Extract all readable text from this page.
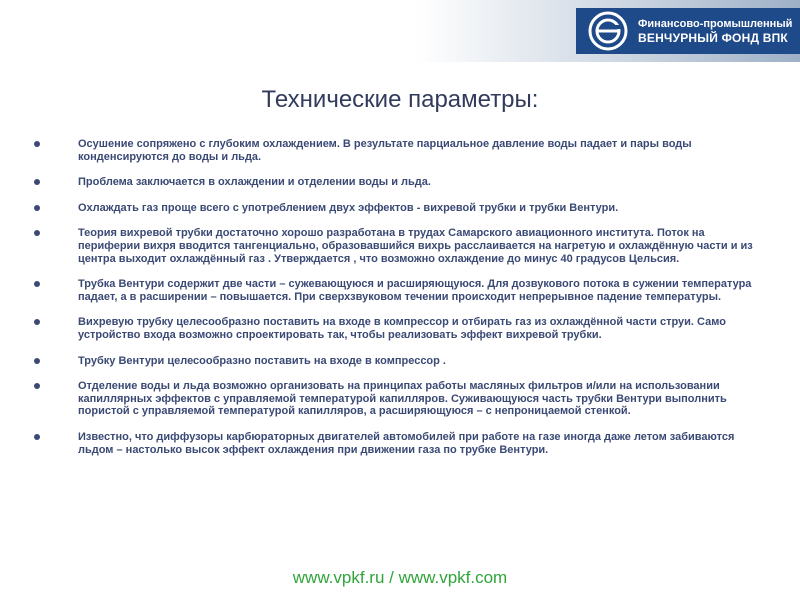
Финансово-промышленный
ВЕНЧУРНЫЙ ФОНД ВПК
Технические параметры:
Осушение сопряжено с глубоким охлаждением. В результате парциальное давление воды падает и пары воды конденсируются до воды и льда.
Проблема заключается в охлаждении и отделении воды и льда.
Охлаждать газ проще всего с употреблением двух эффектов - вихревой трубки и трубки Вентури.
Теория вихревой трубки достаточно хорошо разработана в трудах Самарского авиационного института. Поток на периферии вихря вводится тангенциально, образовавшийся вихрь расслаивается на нагретую и охлаждённую части и из центра выходит охлаждённый газ . Утверждается , что возможно охлаждение до минус 40 градусов Цельсия.
Трубка Вентури содержит две части – сужевающуюся и расширяющуюся. Для дозвукового потока в сужении температура падает, а в расширении – повышается. При сверхзвуковом течении происходит непрерывное падение температуры.
Вихревую трубку целесообразно поставить на входе в компрессор и отбирать газ из охлаждённой части струи. Само устройство входа возможно спроектировать так, чтобы реализовать эффект вихревой трубки.
Трубку Вентури целесообразно поставить на входе в компрессор .
Отделение воды и льда возможно организовать на принципах работы масляных фильтров и/или на использовании капиллярных эффектов с управляемой температурой капилляров. Суживающуюся часть трубки Вентури выполнить пористой с управляемой температурой капилляров, а расширяющуюся – с непроницаемой стенкой.
Известно, что диффузоры карбюраторных двигателей автомобилей при работе на газе иногда даже летом забиваются льдом – настолько высок эффект охлаждения при движении газа по трубке Вентури.
www.vpkf.ru / www.vpkf.com
